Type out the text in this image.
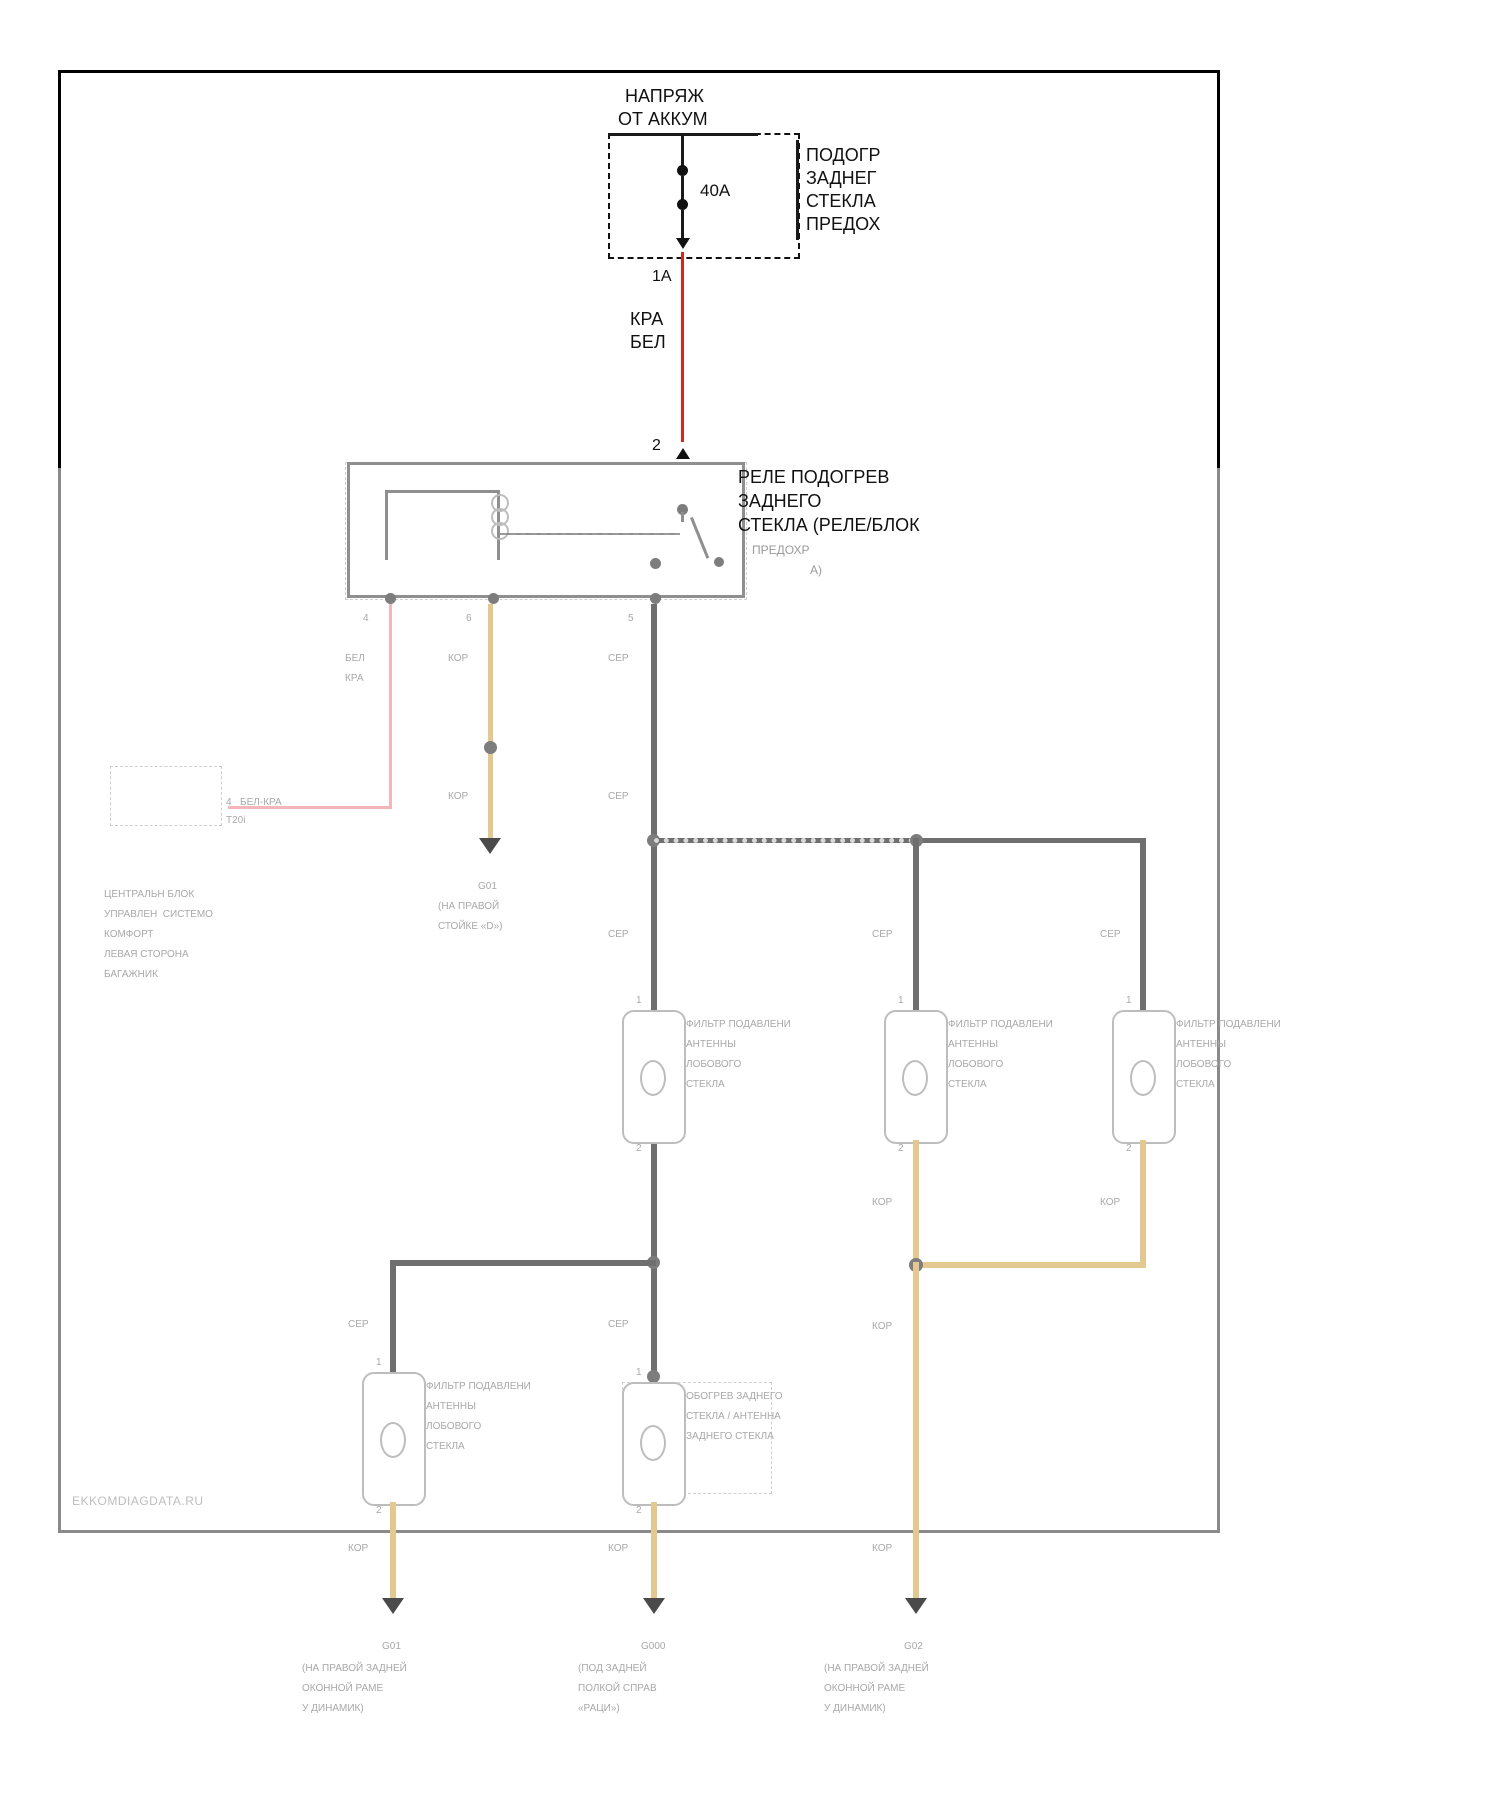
НАПРЯЖ
ОТ АККУМ
40А
ПОДОГР
ЗАДНЕГ
СТЕКЛА
ПРЕДОХ
1А
КРА
БЕЛ
2
РЕЛЕ ПОДОГРЕВ
ЗАДНЕГО
СТЕКЛА (РЕЛЕ/БЛОК
ПРЕДОХР
A)
4	6	5
БЕЛ
КРА
4 БЕЛ-КРА
T20i
ЦЕНТРАЛЬН БЛОК
УПРАВЛЕН  СИСТЕМО
КОМФОРТ
ЛЕВАЯ СТОРОНА
БАГАЖНИК
КОР
КОР
G01
(НА ПРАВОЙ
СТОЙКЕ «D»)
СЕР
СЕР
СЕР	СЕР	СЕР
1
2
ФИЛЬТР ПОДАВЛЕНИ
АНТЕННЫ
ЛОБОВОГО
СТЕКЛА
1
2
ФИЛЬТР ПОДАВЛЕНИ
АНТЕННЫ
ЛОБОВОГО
СТЕКЛА
1
2
ФИЛЬТР ПОДАВЛЕНИ
АНТЕННЫ
ЛОБОВОГО
СТЕКЛА
КОР	КОР
КОР
КОР
СЕР	СЕР
1
2
ФИЛЬТР ПОДАВЛЕНИ
АНТЕННЫ
ЛОБОВОГО
СТЕКЛА
1
2
ОБОГРЕВ ЗАДНЕГО
СТЕКЛА / АНТЕННА
ЗАДНЕГО СТЕКЛА
КОР	КОР
G01
(НА ПРАВОЙ ЗАДНЕЙ
ОКОННОЙ РАМЕ
У ДИНАМИК)
G000
(ПОД ЗАДНЕЙ
ПОЛКОЙ СПРАВ
«РАЦИ»)
G02
(НА ПРАВОЙ ЗАДНЕЙ
ОКОННОЙ РАМЕ
У ДИНАМИК)
EKKOMDIAGDATA.RU
